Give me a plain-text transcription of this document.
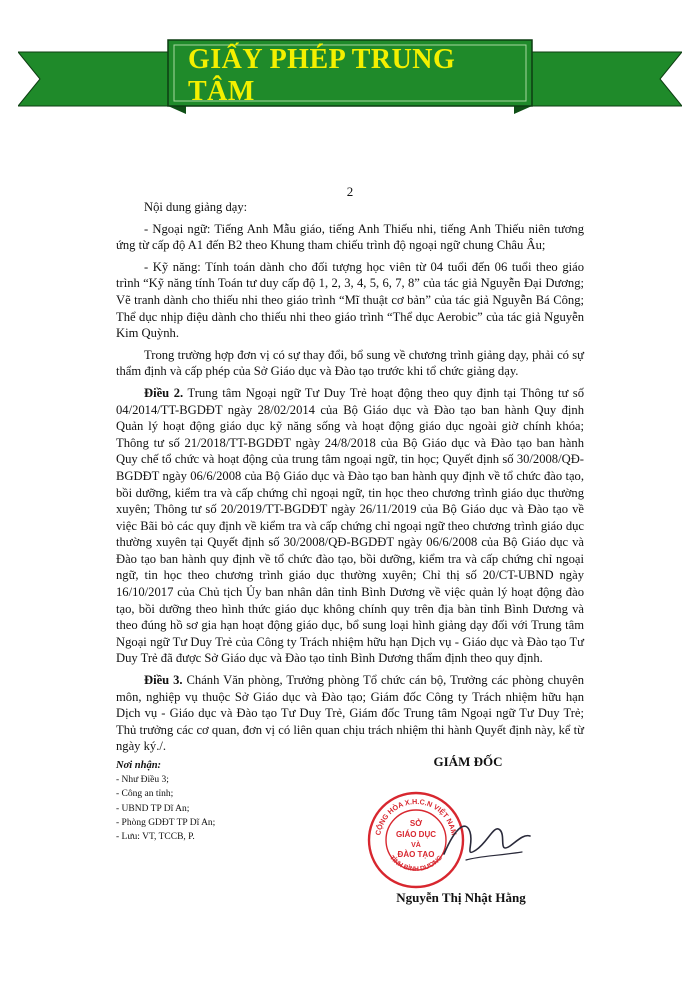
GIẤY PHÉP TRUNG TÂM
2

Nội dung giảng dạy:

- Ngoại ngữ: Tiếng Anh Mẫu giáo, tiếng Anh Thiếu nhi, tiếng Anh Thiếu niên tương ứng từ cấp độ A1 đến B2 theo Khung tham chiếu trình độ ngoại ngữ chung Châu Âu;

- Kỹ năng: Tính toán dành cho đối tượng học viên từ 04 tuổi đến 06 tuổi theo giáo trình “Kỹ năng tính Toán tư duy cấp độ 1, 2, 3, 4, 5, 6, 7, 8” của tác giả Nguyễn Đại Dương; Vẽ tranh dành cho thiếu nhi theo giáo trình “Mĩ thuật cơ bản” của tác giả Nguyễn Bá Công; Thể dục nhịp điệu dành cho thiếu nhi theo giáo trình “Thể dục Aerobic” của tác giả Nguyễn Kim Quỳnh.

Trong trường hợp đơn vị có sự thay đổi, bổ sung về chương trình giảng dạy, phải có sự thẩm định và cấp phép của Sở Giáo dục và Đào tạo trước khi tổ chức giảng dạy.

Điều 2. Trung tâm Ngoại ngữ Tư Duy Trẻ hoạt động theo quy định tại Thông tư số 04/2014/TT-BGDĐT ngày 28/02/2014 của Bộ Giáo dục và Đào tạo ban hành Quy định Quản lý hoạt động giáo dục kỹ năng sống và hoạt động giáo dục ngoài giờ chính khóa; Thông tư số 21/2018/TT-BGDĐT ngày 24/8/2018 của Bộ Giáo dục và Đào tạo ban hành Quy chế tổ chức và hoạt động của trung tâm ngoại ngữ, tin học; Quyết định số 30/2008/QĐ-BGDĐT ngày 06/6/2008 của Bộ Giáo dục và Đào tạo ban hành quy định về tổ chức đào tạo, bồi dưỡng, kiểm tra và cấp chứng chỉ ngoại ngữ, tin học theo chương trình giáo dục thường xuyên; Thông tư số 20/2019/TT-BGDĐT ngày 26/11/2019 của Bộ Giáo dục và Đào tạo về việc Bãi bỏ các quy định về kiểm tra và cấp chứng chỉ ngoại ngữ theo chương trình giáo dục thường xuyên tại Quyết định số 30/2008/QĐ-BGDĐT ngày 06/6/2008 của Bộ Giáo dục và Đào tạo ban hành quy định về tổ chức đào tạo, bồi dưỡng, kiểm tra và cấp chứng chỉ ngoại ngữ, tin học theo chương trình giáo dục thường xuyên; Chỉ thị số 20/CT-UBND ngày 16/10/2017 của Chủ tịch Ủy ban nhân dân tỉnh Bình Dương về việc quản lý hoạt động đào tạo, bồi dưỡng theo hình thức giáo dục không chính quy trên địa bàn tỉnh Bình Dương và theo đúng hồ sơ gia hạn hoạt động giáo dục, bổ sung loại hình giảng dạy đối với Trung tâm Ngoại ngữ Tư Duy Trẻ của Công ty Trách nhiệm hữu hạn Dịch vụ - Giáo dục và Đào tạo Tư Duy Trẻ đã được Sở Giáo dục và Đào tạo tỉnh Bình Dương thẩm định theo quy định.

Điều 3. Chánh Văn phòng, Trưởng phòng Tổ chức cán bộ, Trưởng các phòng chuyên môn, nghiệp vụ thuộc Sở Giáo dục và Đào tạo; Giám đốc Công ty Trách nhiệm hữu hạn Dịch vụ - Giáo dục và Đào tạo Tư Duy Trẻ, Giám đốc Trung tâm Ngoại ngữ Tư Duy Trẻ; Thủ trưởng các cơ quan, đơn vị có liên quan chịu trách nhiệm thi hành Quyết định này, kể từ ngày ký./.

Nơi nhận:
- Như Điều 3;
- Công an tỉnh;
- UBND TP Dĩ An;
- Phòng GDĐT TP Dĩ An;
- Lưu: VT, TCCB, P.
GIÁM ĐỐC
CỘNG HÒA X.H.C.N VIỆT NAM
TỈNH BÌNH DƯƠNG
SỞ
GIÁO DỤC
VÀ
ĐÀO TẠO
Nguyễn Thị Nhật Hằng
